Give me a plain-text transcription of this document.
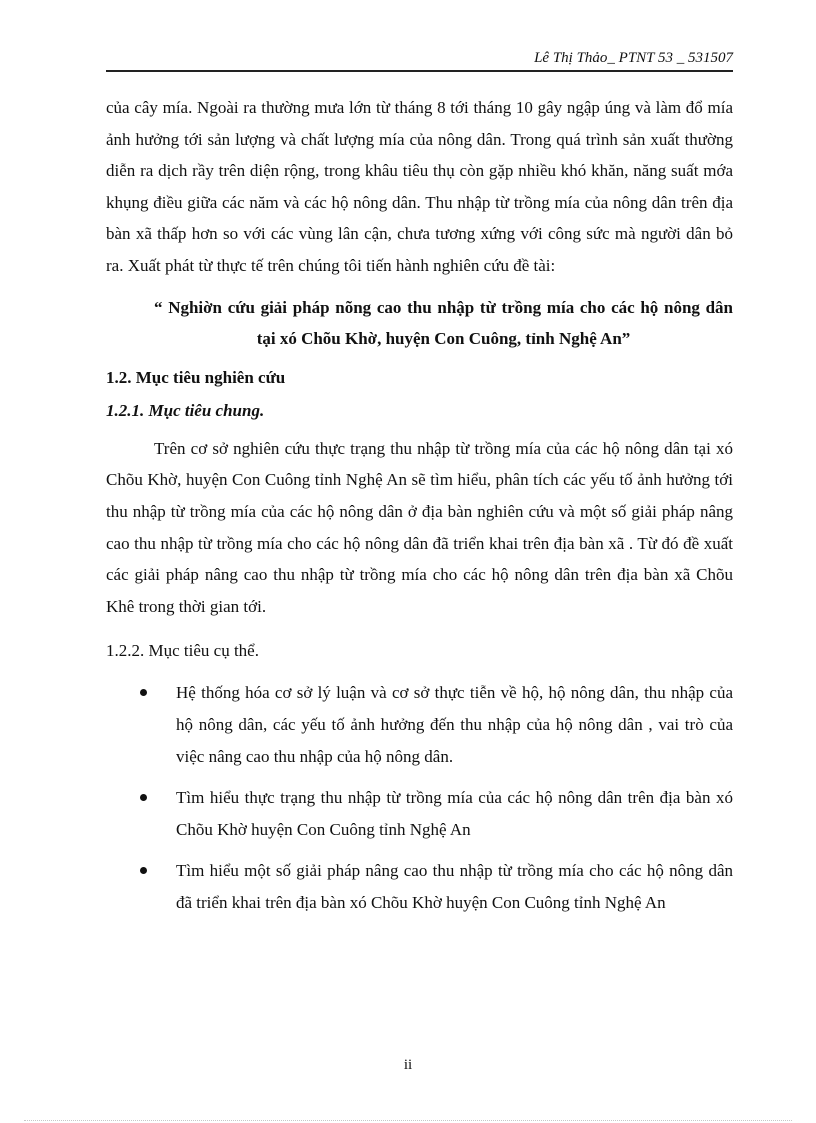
Lê Thị Thảo_ PTNT 53 _ 531507

của cây mía. Ngoài ra thường mưa lớn từ tháng 8 tới tháng 10 gây ngập úng và làm đổ mía ảnh hưởng tới sản lượng và chất lượng mía của nông dân. Trong quá trình sản xuất thường diễn ra dịch rầy trên diện rộng, trong khâu tiêu thụ còn gặp nhiều khó khăn, năng suất mớa khụng điều giữa các năm và các hộ nông dân. Thu nhập từ trồng mía của nông dân trên địa bàn xã thấp hơn so với các vùng lân cận, chưa tương xứng với công sức mà người dân bỏ ra. Xuất phát từ thực tế trên chúng tôi tiến hành nghiên cứu đề tài:

“ Nghiờn cứu giải pháp nõng cao thu nhập từ trồng mía cho các hộ nông dân tại xó Chõu Khờ, huyện Con Cuông, tỉnh Nghệ An”

1.2. Mục tiêu nghiên cứu

1.2.1. Mục tiêu chung.

Trên cơ sở nghiên cứu thực trạng thu nhập từ trồng mía của các hộ nông dân tại xó Chõu Khờ, huyện Con Cuông tỉnh Nghệ An sẽ tìm hiểu, phân tích các yếu tố ảnh hưởng tới thu nhập từ trồng mía của các hộ nông dân ở địa bàn nghiên cứu và một số giải pháp nâng cao thu nhập từ trồng mía cho các hộ nông dân đã triển khai trên địa bàn xã . Từ đó đề xuất các giải pháp nâng cao thu nhập từ trồng mía cho các hộ nông dân trên địa bàn xã Chõu Khê trong thời gian tới.

1.2.2. Mục tiêu cụ thể.

Hệ thống hóa cơ sở lý luận và cơ sở thực tiễn về hộ, hộ nông dân, thu nhập của hộ nông dân, các yếu tố ảnh hưởng đến thu nhập của hộ nông dân , vai trò của việc nâng cao thu nhập của hộ nông dân.

Tìm hiểu thực trạng thu nhập từ trồng mía của các hộ nông dân trên địa bàn xó Chõu Khờ huyện Con Cuông tỉnh Nghệ An

Tìm hiểu một số giải pháp nâng cao thu nhập từ trồng mía cho các hộ nông dân đã triển khai trên địa bàn xó Chõu Khờ huyện Con Cuông tỉnh Nghệ An

ii
